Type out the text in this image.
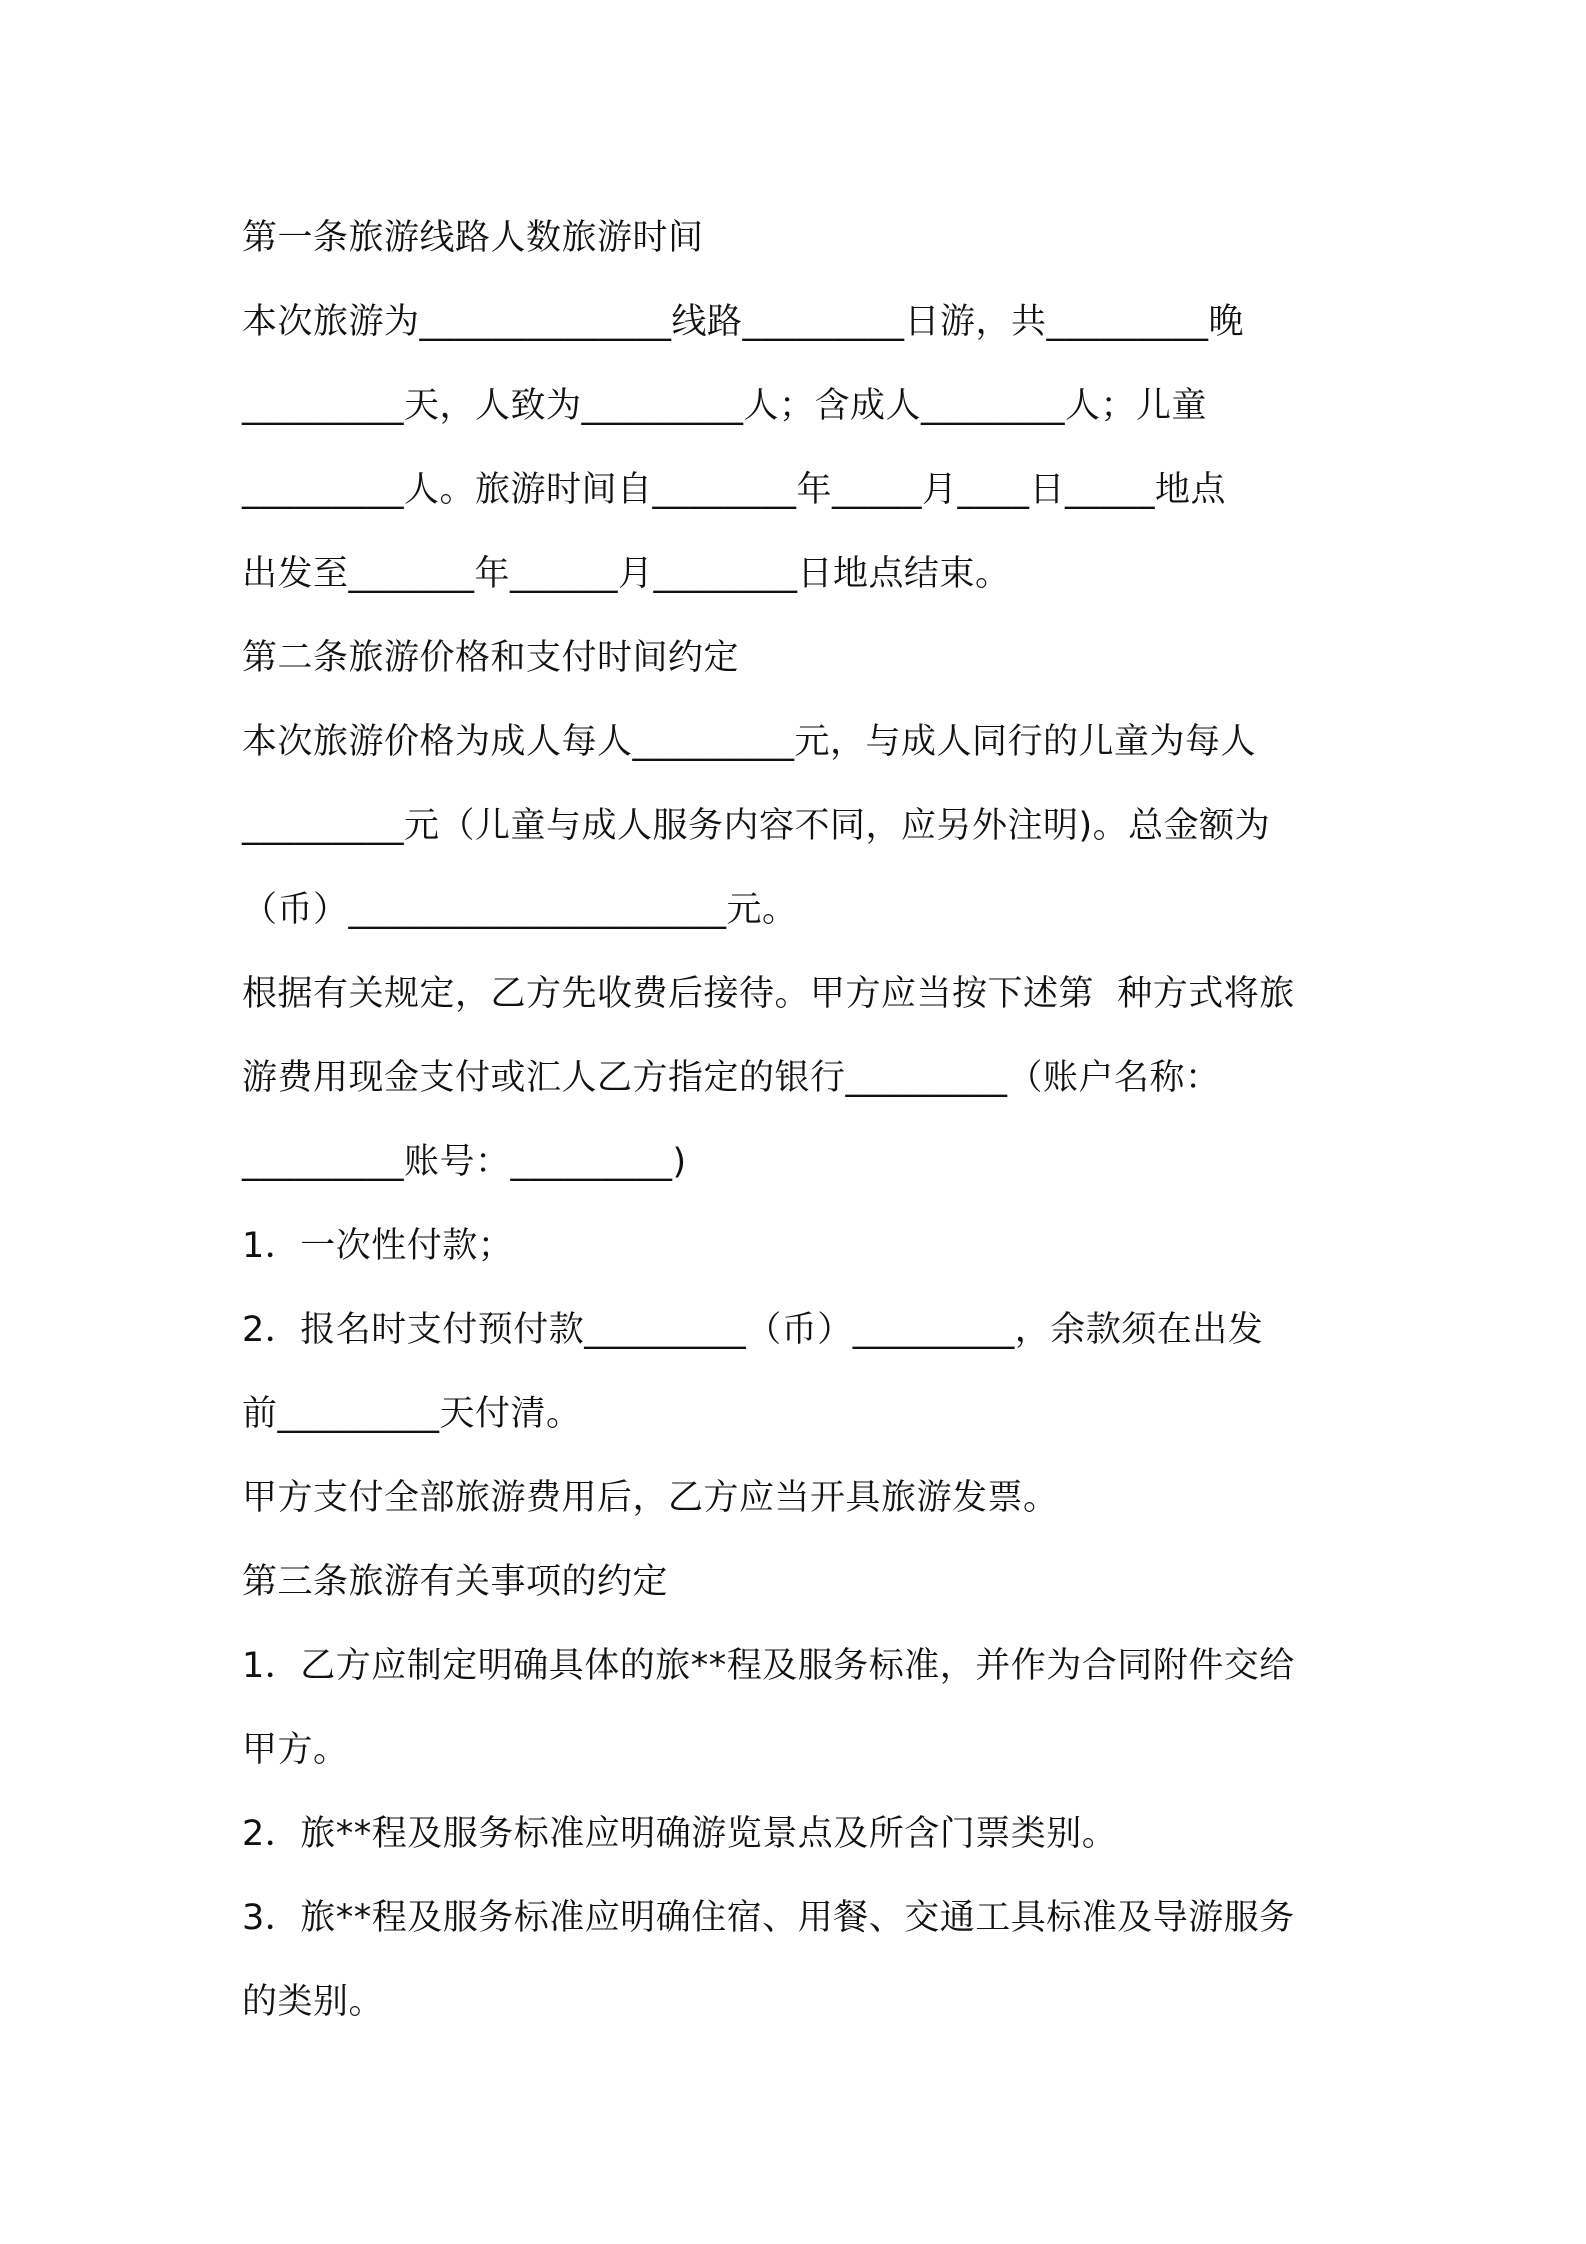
第一条旅游线路人数旅游时间
本次旅游为______________线路_________日游，共_________晚
_________天，人致为_________人；含成人________人；儿童
_________人。旅游时间自________年_____月____日_____地点
出发至_______年______月________日地点结束。
第二条旅游价格和支付时间约定
本次旅游价格为成人每人_________元，与成人同行的儿童为每人
_________元（儿童与成人服务内容不同，应另外注明)。总金额为
（币）_____________________元。
根据有关规定，乙方先收费后接待。甲方应当按下述第  种方式将旅
游费用现金支付或汇人乙方指定的银行_________（账户名称：
_________账号：_________)
1．一次性付款；
2．报名时支付预付款_________（币）_________，余款须在出发
前_________天付清。
甲方支付全部旅游费用后，乙方应当开具旅游发票。
第三条旅游有关事项的约定
1．乙方应制定明确具体的旅**程及服务标准，并作为合同附件交给
甲方。
2．旅**程及服务标准应明确游览景点及所含门票类别。
3．旅**程及服务标准应明确住宿、用餐、交通工具标准及导游服务
的类别。
